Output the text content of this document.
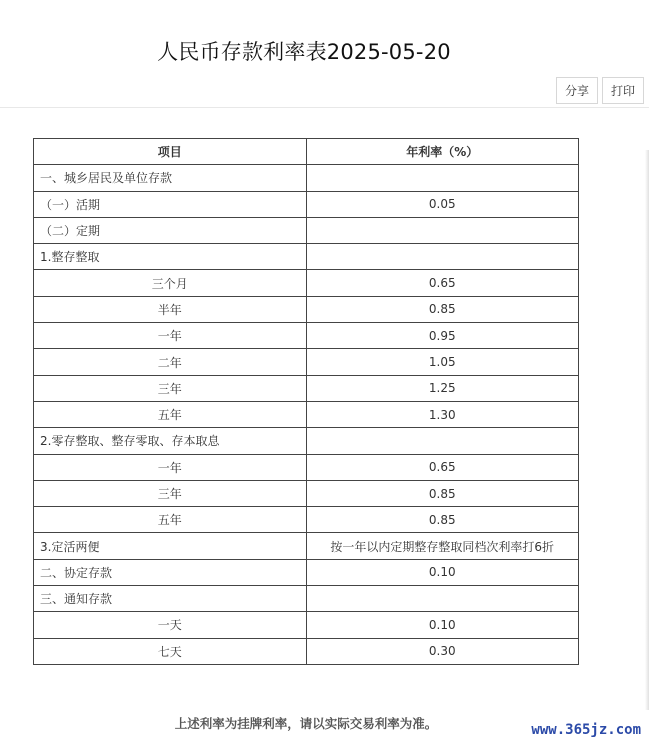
人民币存款利率表2025-05-20
分享	打印
项目	年利率（%）
一、城乡居民及单位存款	
（一）活期	0.05
（二）定期	
1.整存整取	
三个月	0.65
半年	0.85
一年	0.95
二年	1.05
三年	1.25
五年	1.30
2.零存整取、整存零取、存本取息	
一年	0.65
三年	0.85
五年	0.85
3.定活两便	按一年以内定期整存整取同档次利率打6折
二、协定存款	0.10
三、通知存款	
一天	0.10
七天	0.30
上述利率为挂牌利率，请以实际交易利率为准。	www.365jz.com
